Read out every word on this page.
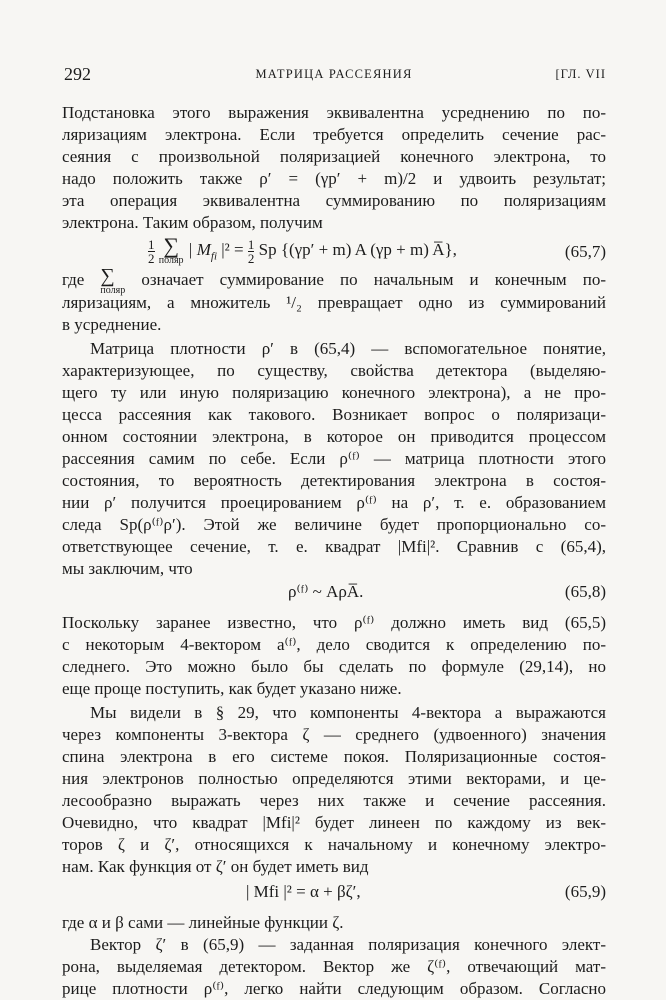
292	МАТРИЦА РАССЕЯНИЯ	[ГЛ. VII
Подстановка этого выражения эквивалентна усреднению по по-
ляризациям электрона. Если требуется определить сечение рас-
сеяния с произвольной поляризацией конечного электрона, то
надо положить также ρ′ = (γp′ + m)/2 и удвоить результат;
эта операция эквивалентна суммированию по поляризациям
электрона. Таким образом, получим
$\frac{1}{2}$
∑
поляр
| $M_{fi}$ $|^2 = \frac{1}{2}$ Sp {(γp′ + m) A (γp + m) A̅},	(65,7)
где ∑
поляр
означает суммирование по начальным и конечным по-
ляризациям, а множитель ¹/₂ превращает одно из суммирований
в усреднение.
Матрица плотности ρ′ в (65,4) — вспомогательное понятие,
характеризующее, по существу, свойства детектора (выделяю-
щего ту или иную поляризацию конечного электрона), а не про-
цесса рассеяния как такового. Возникает вопрос о поляризаци-
онном состоянии электрона, в которое он приводится процессом
рассеяния самим по себе. Если ρ⁽ᶠ⁾ — матрица плотности этого
состояния, то вероятность детектирования электрона в состоя-
нии ρ′ получится проецированием ρ⁽ᶠ⁾ на ρ′, т. е. образованием
следа Sp(ρ⁽ᶠ⁾ρ′). Этой же величине будет пропорционально со-
ответствующее сечение, т. е. квадрат |Mfi|². Сравнив с (65,4),
мы заключим, что
ρ⁽ᶠ⁾ ~ AρA̅.	(65,8)
Поскольку заранее известно, что ρ⁽ᶠ⁾ должно иметь вид (65,5)
с некоторым 4-вектором a⁽ᶠ⁾, дело сводится к определению по-
следнего. Это можно было бы сделать по формуле (29,14), но
еще проще поступить, как будет указано ниже.
Мы видели в § 29, что компоненты 4-вектора a выражаются
через компоненты 3-вектора ζ — среднего (удвоенного) значения
спина электрона в его системе покоя. Поляризационные состоя-
ния электронов полностью определяются этими векторами, и це-
лесообразно выражать через них также и сечение рассеяния.
Очевидно, что квадрат |Mfi|² будет линеен по каждому из век-
торов ζ и ζ′, относящихся к начальному и конечному электро-
нам. Как функция от ζ′ он будет иметь вид
| Mfi |² = α + βζ′,	(65,9)
где α и β сами — линейные функции ζ.
Вектор ζ′ в (65,9) — заданная поляризация конечного элект-
рона, выделяемая детектором. Вектор же ζ⁽ᶠ⁾, отвечающий мат-
рице плотности ρ⁽ᶠ⁾, легко найти следующим образом. Согласно
